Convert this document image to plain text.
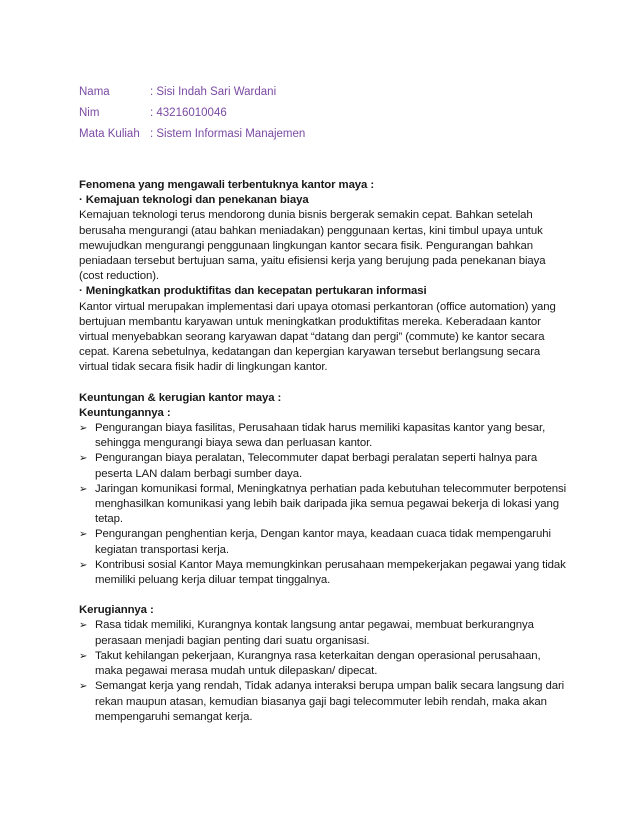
Nama	: Sisi Indah Sari Wardani
Nim	: 43216010046
Mata Kuliah : Sistem Informasi Manajemen
Fenomena yang mengawali terbentuknya kantor maya :
· Kemajuan teknologi dan penekanan biaya
Kemajuan teknologi terus mendorong dunia bisnis bergerak semakin cepat. Bahkan setelah berusaha mengurangi (atau bahkan meniadakan) penggunaan kertas, kini timbul upaya untuk mewujudkan mengurangi penggunaan lingkungan kantor secara fisik. Pengurangan bahkan peniadaan tersebut bertujuan sama, yaitu efisiensi kerja yang berujung pada penekanan biaya (cost reduction).
· Meningkatkan produktifitas dan kecepatan pertukaran informasi
Kantor virtual merupakan implementasi dari upaya otomasi perkantoran (office automation) yang bertujuan membantu karyawan untuk meningkatkan produktifitas mereka. Keberadaan kantor virtual menyebabkan seorang karyawan dapat “datang dan pergi” (commute) ke kantor secara cepat. Karena sebetulnya, kedatangan dan kepergian karyawan tersebut berlangsung secara virtual tidak secara fisik hadir di lingkungan kantor.
Keuntungan & kerugian kantor maya :
Keuntungannya :
➢ Pengurangan biaya fasilitas, Perusahaan tidak harus memiliki kapasitas kantor yang besar, sehingga mengurangi biaya sewa dan perluasan kantor.
➢ Pengurangan biaya peralatan, Telecommuter dapat berbagi peralatan seperti halnya para peserta LAN dalam berbagi sumber daya.
➢ Jaringan komunikasi formal, Meningkatnya perhatian pada kebutuhan telecommuter berpotensi menghasilkan komunikasi yang lebih baik daripada jika semua pegawai bekerja di lokasi yang tetap.
➢ Pengurangan penghentian kerja, Dengan kantor maya, keadaan cuaca tidak mempengaruhi kegiatan transportasi kerja.
➢ Kontribusi sosial Kantor Maya memungkinkan perusahaan mempekerjakan pegawai yang tidak memiliki peluang kerja diluar tempat tinggalnya.
Kerugiannya :
➢ Rasa tidak memiliki, Kurangnya kontak langsung antar pegawai, membuat berkurangnya perasaan menjadi bagian penting dari suatu organisasi.
➢ Takut kehilangan pekerjaan, Kurangnya rasa keterkaitan dengan operasional perusahaan, maka pegawai merasa mudah untuk dilepaskan/ dipecat.
➢ Semangat kerja yang rendah, Tidak adanya interaksi berupa umpan balik secara langsung dari rekan maupun atasan, kemudian biasanya gaji bagi telecommuter lebih rendah, maka akan mempengaruhi semangat kerja.
